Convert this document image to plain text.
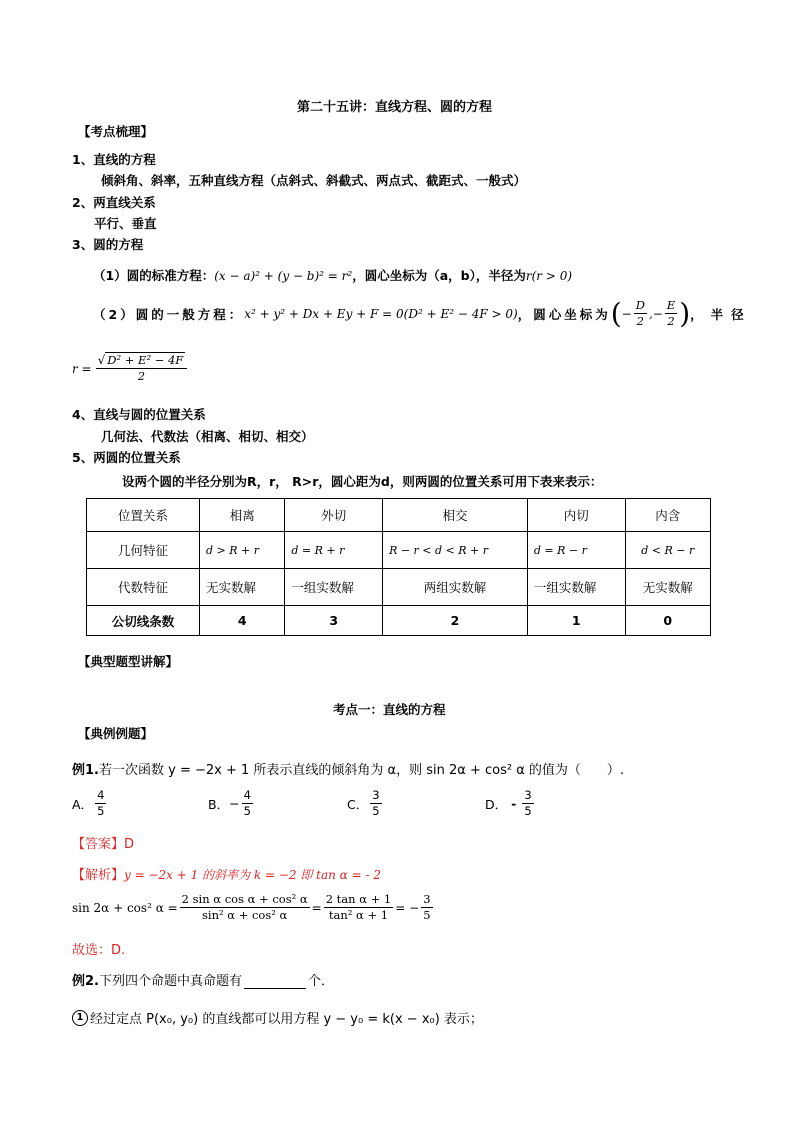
第二十五讲：直线方程、圆的方程
【考点梳理】
1、直线的方程
倾斜角、斜率，五种直线方程（点斜式、斜截式、两点式、截距式、一般式）
2、两直线关系
平行、垂直
3、圆的方程
（1）圆的标准方程：(x − a)² + (y − b)² = r²，圆心坐标为（a，b），半径为r(r > 0)
（2）圆的一般方程： x² + y² + Dx + Ey + F = 0(D² + E² − 4F > 0) ，圆心坐标为 ( − $\frac{D}{2}$ ,− $\frac{E}{2}$ ) ，半径
$r = \frac{\text{√ D² + E² − 4F}}{2}$
4、直线与圆的位置关系
几何法、代数法（相离、相切、相交）
5、两圆的位置关系
设两个圆的半径分别为R，r， R>r，圆心距为d，则两圆的位置关系可用下表来表示：
位置关系	相离	外切	相交	内切	内含
几何特征	d > R + r	d = R + r	R − r < d < R + r	d = R − r	d < R − r
代数特征	无实数解	一组实数解	两组实数解	一组实数解	无实数解
公切线条数	4	3	2	1	0
【典型题型讲解】
考点一：直线的方程
【典例例题】
例1.若一次函数 y = −2x + 1 所表示直线的倾斜角为 α，则 sin 2α + cos² α 的值为（　　）.
A． $\frac{4}{5}$	B． − $\frac{4}{5}$	C． $\frac{3}{5}$	D． - $\frac{3}{5}$
【答案】D
【解析】y = −2x + 1 的斜率为 k = −2 即 tan α = - 2
sin 2α + cos² $\alpha = \frac{\text{2 sin α cos α + cos² α}}{\text{sin² α + cos² α}} = \frac{\text{2 tan α + 1}}{\text{tan² α + 1}}$ = − $\frac{3}{5}$
故选：D.
例2. 下列四个命题中真命题有	个．
1 经过定点 P(x₀, y₀) 的直线都可以用方程 y − y₀ = k(x − x₀) 表示；
